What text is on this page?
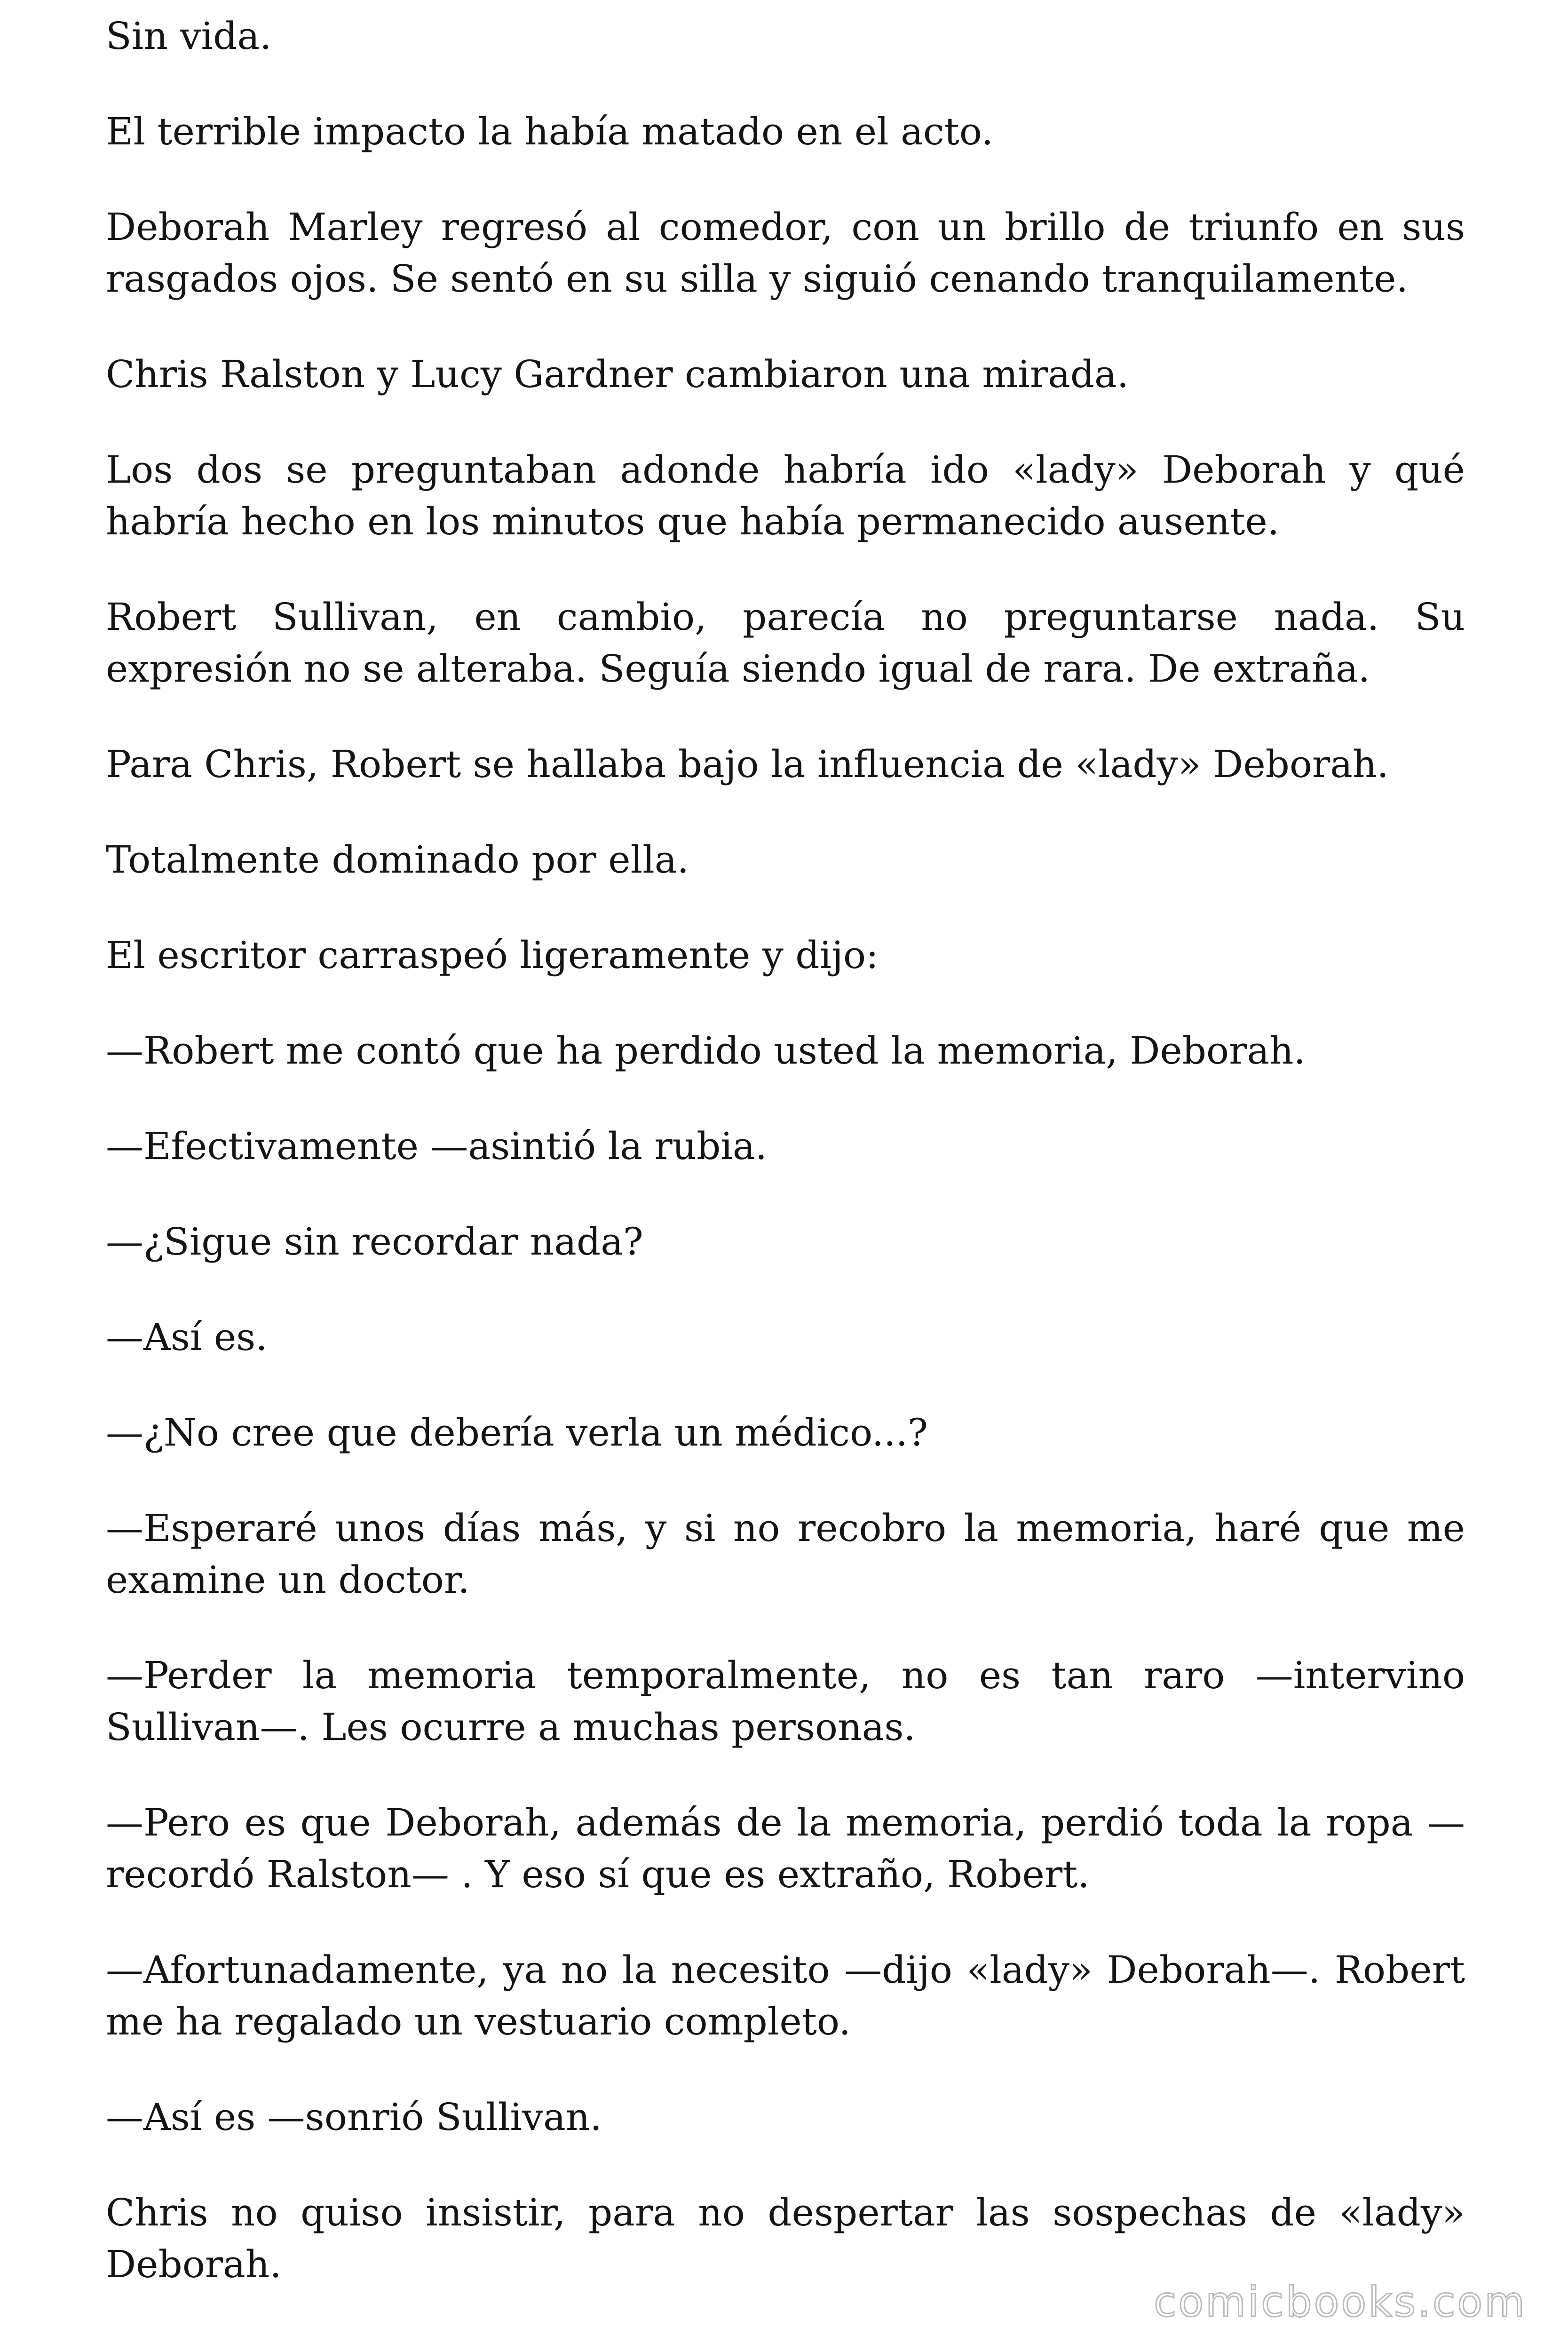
Sin vida.

El terrible impacto la había matado en el acto.

Deborah Marley regresó al comedor, con un brillo de triunfo en sus rasgados ojos. Se sentó en su silla y siguió cenando tranquilamente.

Chris Ralston y Lucy Gardner cambiaron una mirada.

Los dos se preguntaban adonde habría ido «lady» Deborah y qué habría hecho en los minutos que había permanecido ausente.

Robert Sullivan, en cambio, parecía no preguntarse nada. Su expresión no se alteraba. Seguía siendo igual de rara. De extraña.

Para Chris, Robert se hallaba bajo la influencia de «lady» Deborah.

Totalmente dominado por ella.

El escritor carraspeó ligeramente y dijo:

—Robert me contó que ha perdido usted la memoria, Deborah.

—Efectivamente —asintió la rubia.

—¿Sigue sin recordar nada?

—Así es.

—¿No cree que debería verla un médico...?

—Esperaré unos días más, y si no recobro la memoria, haré que me examine un doctor.

—Perder la memoria temporalmente, no es tan raro —intervino Sullivan—. Les ocurre a muchas personas.

—Pero es que Deborah, además de la memoria, perdió toda la ropa —recordó Ralston— . Y eso sí que es extraño, Robert.

—Afortunadamente, ya no la necesito —dijo «lady» Deborah—. Robert me ha regalado un vestuario completo.

—Así es —sonrió Sullivan.

Chris no quiso insistir, para no despertar las sospechas de «lady» Deborah.

comicbooks.com
